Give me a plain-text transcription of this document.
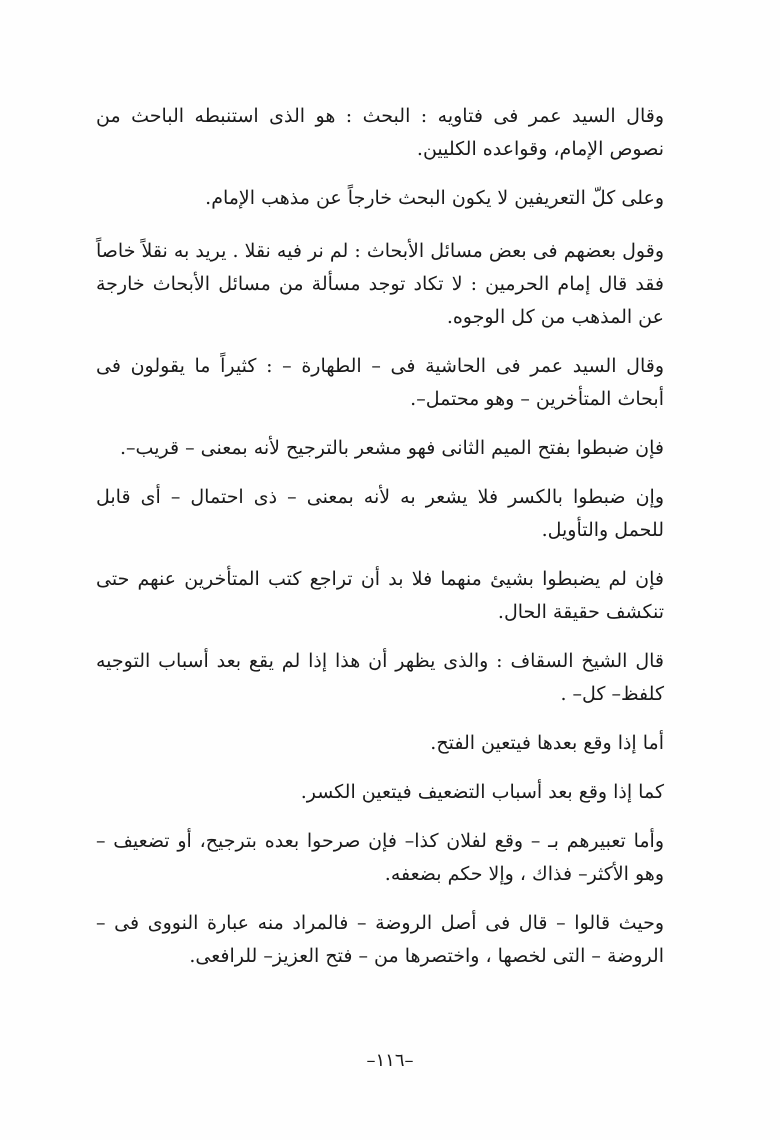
وقال السيد عمر فى فتاويه : البحث : هو الذى استنبطه الباحث من نصوص الإمام، وقواعده الكليين.

وعلى كلّ التعريفين لا يكون البحث خارجاً عن مذهب الإمام.

وقول بعضهم فى بعض مسائل الأبحاث : لم نر فيه نقلا . يريد به نقلاً خاصاً فقد قال إمام الحرمين : لا تكاد توجد مسألة من مسائل الأبحاث خارجة عن المذهب من كل الوجوه.

وقال السيد عمر فى الحاشية فى – الطهارة – : كثيراً ما يقولون فى أبحاث المتأخرين – وهو محتمل–.

فإن ضبطوا بفتح الميم الثانى فهو مشعر بالترجيح لأنه بمعنى – قريب–.

وإن ضبطوا بالكسر فلا يشعر به لأنه بمعنى – ذى احتمال – أى قابل للحمل والتأويل.

فإن لم يضبطوا بشيئ منهما فلا بد أن تراجع كتب المتأخرين عنهم حتى تنكشف حقيقة الحال.

قال الشيخ السقاف : والذى يظهر أن هذا إذا لم يقع بعد أسباب التوجيه كلفظ– كل– .

أما إذا وقع بعدها فيتعين الفتح.

كما إذا وقع بعد أسباب التضعيف فيتعين الكسر.

وأما تعبيرهم بـ – وقع لفلان كذا– فإن صرحوا بعده بترجيح، أو تضعيف – وهو الأكثر– فذاك ، وإلا حكم بضعفه.

وحيث قالوا – قال فى أصل الروضة – فالمراد منه عبارة النووى فى – الروضة – التى لخصها ، واختصرها من – فتح العزيز– للرافعى.

–١١٦–
